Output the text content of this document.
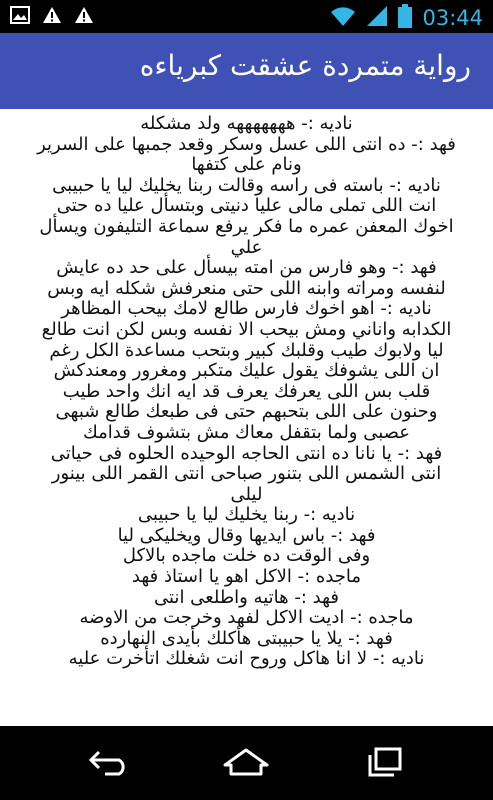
03:44
رواية متمردة عشقت كبرياءه

ناديه :- هههههههه ولد مشكله

فهد :- ده انتى اللى عسل وسكر وقعد جمبها على السرير

ونام على كتفها

ناديه :- باسته فى راسه وقالت ربنا يخليك ليا يا حبيبى

انت اللى تملى مالى عليا دنيتى وبتسأل عليا ده حتى

اخوك المعفن عمره ما فكر يرفع سماعة التليفون ويسأل

علي

فهد :- وهو فارس من امته بيسأل على حد ده عايش

لنفسه ومراته وابنه اللى حتى منعرفش شكله ايه وبس

ناديه :- اهو اخوك فارس طالع لامك بيحب المظاهر

الكدابه واناني ومش بيحب الا نفسه وبس لكن انت طالع

ليا ولابوك طيب وقلبك كبير وبتحب مساعدة الكل رغم

ان اللى يشوفك يقول عليك متكبر ومغرور ومعندكش

قلب بس اللى يعرفك يعرف قد ايه انك واحد طيب

وحنون على اللى بتحبهم حتى فى طبعك طالع شبهى

عصبى ولما بتقفل معاك مش بتشوف قدامك

فهد :- يا نانا ده انتى الحاجه الوحيده الحلوه فى حياتى

انتى الشمس اللى بتنور صباحى انتى القمر اللى بينور

ليلى

ناديه :- ربنا يخليك ليا يا حبيبى

فهد :- باس ايديها وقال ويخليكى ليا

وفى الوقت ده خلت ماجده بالاكل

ماجده :- الاكل اهو يا استاذ فهد

فهد :- هاتيه واطلعى انتى

ماجده :- اديت الاكل لفهد وخرجت من الاوضه

فهد :- يلا يا حبيبتى هأكلك بأيدى النهارده

ناديه :- لا انا هاكل وروح انت شغلك اتأخرت عليه
